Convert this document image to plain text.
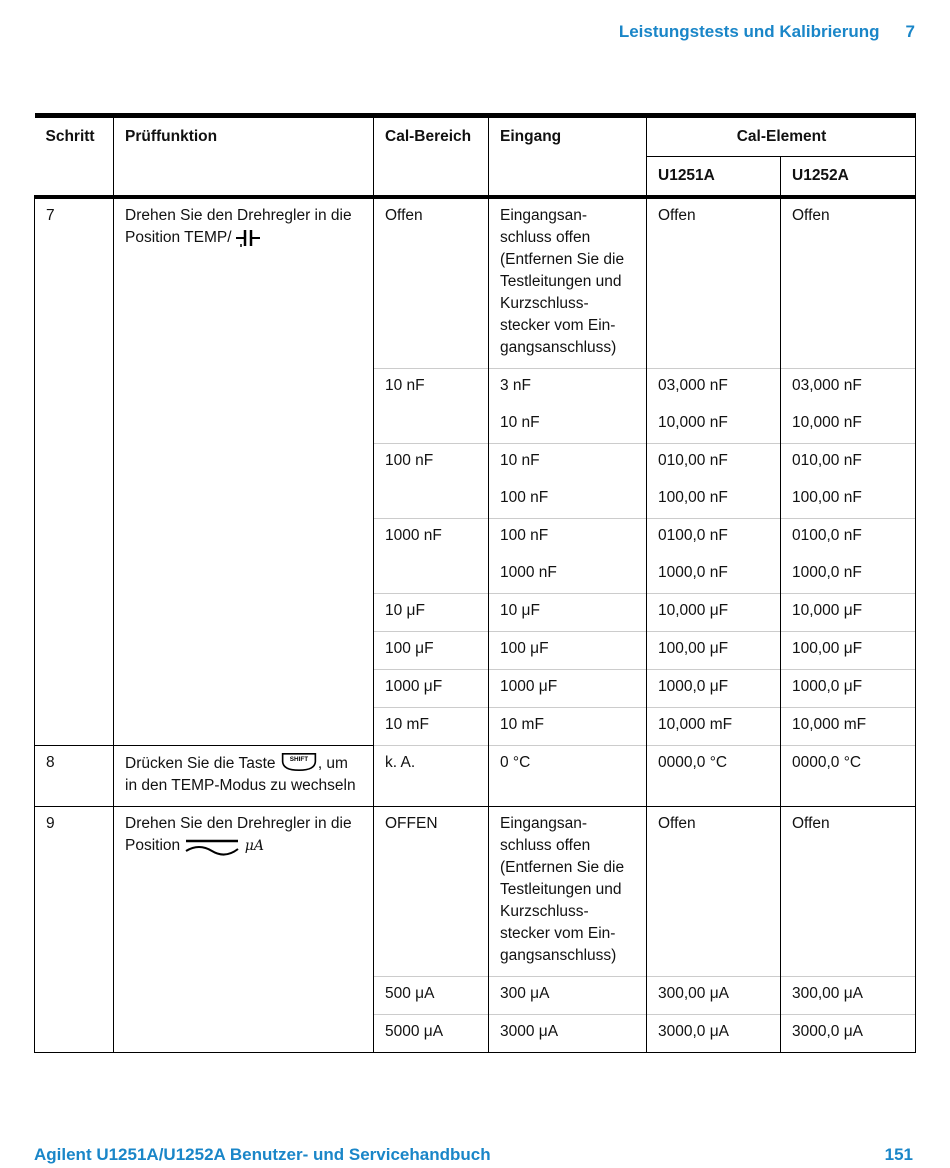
Leistungstests und Kalibrierung 7
Schritt	Prüffunktion	Cal-Bereich	Eingang	Cal-Element	
				U1251A	U1252A
7	Drehen Sie den Drehregler in die Position TEMP/	Offen	Eingangsan-schluss offen (Entfernen Sie die Testleitungen und Kurzschluss-stecker vom Ein-gangsanschluss)	Offen	Offen
		10 nF	3 nF	03,000 nF	03,000 nF
			10 nF	10,000 nF	10,000 nF
		100 nF	10 nF	010,00 nF	010,00 nF
			100 nF	100,00 nF	100,00 nF
		1000 nF	100 nF	0100,0 nF	0100,0 nF
			1000 nF	1000,0 nF	1000,0 nF
		10 μF	10 μF	10,000 μF	10,000 μF
		100 μF	100 μF	100,00 μF	100,00 μF
		1000 μF	1000 μF	1000,0 μF	1000,0 μF
		10 mF	10 mF	10,000 mF	10,000 mF
8	Drücken Sie die Taste SHIFT , um in den TEMP-Modus zu wechseln	k. A.	0 °C	0000,0 °C	0000,0 °C
9	Drehen Sie den Drehregler in die Position μA	OFFEN	Eingangsan-schluss offen (Entfernen Sie die Testleitungen und Kurzschluss-stecker vom Ein-gangsanschluss)	Offen	Offen
		500 μA	300 μA	300,00 μA	300,00 μA
		5000 μA	3000 μA	3000,0 μA	3000,0 μA
Agilent U1251A/U1252A Benutzer- und Servicehandbuch	151
